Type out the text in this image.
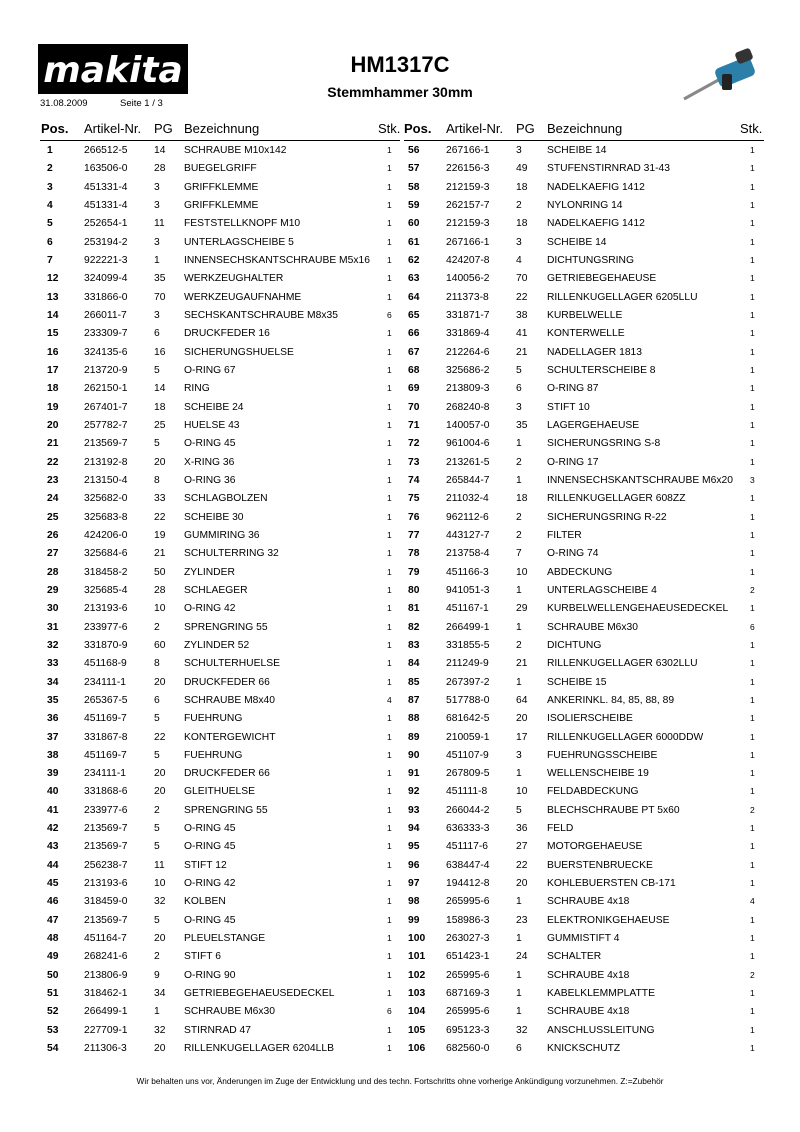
makita
31.08.2009	Seite 1 / 3
HM1317C
Stemmhammer 30mm
Pos. Artikel-Nr. PG Bezeichnung	Stk. Pos. Artikel-Nr. PG Bezeichnung	Stk.
1	266512-5	14 SCHRAUBE M10x142	1
2	163506-0	28 BUEGELGRIFF	1
3	451331-4	3 GRIFFKLEMME	1
4	451331-4	3 GRIFFKLEMME	1
5	252654-1	11 FESTSTELLKNOPF M10	1
6	253194-2	3 UNTERLAGSCHEIBE 5	1
7	922221-3	1 INNENSECHSKANTSCHRAUBE M5x16 1
12 324099-4	35 WERKZEUGHALTER	1
13 331866-0	70 WERKZEUGAUFNAHME	1
14 266011-7	3 SECHSKANTSCHRAUBE M8x35	6
15 233309-7	6 DRUCKFEDER 16	1
16 324135-6	16 SICHERUNGSHUELSE	1
17 213720-9	5 O-RING 67	1
18 262150-1	14 RING	1
19 267401-7	18 SCHEIBE 24	1
20 257782-7	25 HUELSE 43	1
21 213569-7	5 O-RING 45	1
22 213192-8	20 X-RING 36	1
23 213150-4	8 O-RING 36	1
24 325682-0	33 SCHLAGBOLZEN	1
25 325683-8	22 SCHEIBE 30	1
26 424206-0	19 GUMMIRING 36	1
27 325684-6	21 SCHULTERRING 32	1
28 318458-2	50 ZYLINDER	1
29 325685-4	28 SCHLAEGER	1
30 213193-6	10 O-RING 42	1
31 233977-6	2 SPRENGRING 55	1
32 331870-9	60 ZYLINDER 52	1
33 451168-9	8 SCHULTERHUELSE	1
34 234111-1	20 DRUCKFEDER 66	1
35 265367-5	6 SCHRAUBE M8x40	4
36 451169-7	5 FUEHRUNG	1
37 331867-8	22 KONTERGEWICHT	1
38 451169-7	5 FUEHRUNG	1
39 234111-1	20 DRUCKFEDER 66	1
40 331868-6	20 GLEITHUELSE	1
41 233977-6	2 SPRENGRING 55	1
42 213569-7	5 O-RING 45	1
43 213569-7	5 O-RING 45	1
44 256238-7	11 STIFT 12	1
45 213193-6	10 O-RING 42	1
46 318459-0	32 KOLBEN	1
47 213569-7	5 O-RING 45	1
48 451164-7	20 PLEUELSTANGE	1
49 268241-6	2 STIFT 6	1
50 213806-9	9 O-RING 90	1
51 318462-1	34 GETRIEBEGEHAEUSEDECKEL	1
52 266499-1	1 SCHRAUBE M6x30	6
53 227709-1	32 STIRNRAD 47	1
54 211306-3	20 RILLENKUGELLAGER 6204LLB	1
56	267166-1	3 SCHEIBE 14	1
57	226156-3	49 STUFENSTIRNRAD 31-43	1
58	212159-3	18 NADELKAEFIG 1412	1
59	262157-7	2 NYLONRING 14	1
60	212159-3	18 NADELKAEFIG 1412	1
61	267166-1	3 SCHEIBE 14	1
62	424207-8	4 DICHTUNGSRING	1
63	140056-2	70 GETRIEBEGEHAEUSE	1
64	211373-8	22 RILLENKUGELLAGER 6205LLU	1
65	331871-7	38 KURBELWELLE	1
66	331869-4	41 KONTERWELLE	1
67	212264-6	21 NADELLAGER 1813	1
68	325686-2	5 SCHULTERSCHEIBE 8	1
69	213809-3	6 O-RING 87	1
70	268240-8	3 STIFT 10	1
71	140057-0	35 LAGERGEHAEUSE	1
72	961004-6	1 SICHERUNGSRING S-8	1
73	213261-5	2 O-RING 17	1
74	265844-7	1 INNENSECHSKANTSCHRAUBE M6x20 3
75	211032-4	18 RILLENKUGELLAGER 608ZZ	1
76	962112-6	2 SICHERUNGSRING R-22	1
77	443127-7	2 FILTER	1
78	213758-4	7 O-RING 74	1
79	451166-3	10 ABDECKUNG	1
80	941051-3	1 UNTERLAGSCHEIBE 4	2
81	451167-1	29 KURBELWELLENGEHAEUSEDECKEL	1
82	266499-1	1 SCHRAUBE M6x30	6
83	331855-5	2 DICHTUNG	1
84	211249-9	21 RILLENKUGELLAGER 6302LLU	1
85	267397-2	1 SCHEIBE 15	1
87	517788-0	64 ANKERINKL. 84, 85, 88, 89	1
88	681642-5	20 ISOLIERSCHEIBE	1
89	210059-1	17 RILLENKUGELLAGER 6000DDW	1
90	451107-9	3 FUEHRUNGSSCHEIBE	1
91	267809-5	1 WELLENSCHEIBE 19	1
92	451111-8	10 FELDABDECKUNG	1
93	266044-2	5 BLECHSCHRAUBE PT 5x60	2
94	636333-3	36 FELD	1
95	451117-6	27 MOTORGEHAEUSE	1
96	638447-4	22 BUERSTENBRUECKE	1
97	194412-8	20 KOHLEBUERSTEN CB-171	1
98	265995-6	1 SCHRAUBE 4x18	4
99	158986-3	23 ELEKTRONIKGEHAEUSE	1
100 263027-3	1 GUMMISTIFT 4	1
101 651423-1	24 SCHALTER	1
102 265995-6	1 SCHRAUBE 4x18	2
103 687169-3	1 KABELKLEMMPLATTE	1
104 265995-6	1 SCHRAUBE 4x18	1
105 695123-3	32 ANSCHLUSSLEITUNG	1
106 682560-0	6 KNICKSCHUTZ	1
Wir behalten uns vor, Änderungen im Zuge der Entwicklung und des techn. Fortschritts ohne vorherige Ankündigung vorzunehmen. Z:=Zubehör
